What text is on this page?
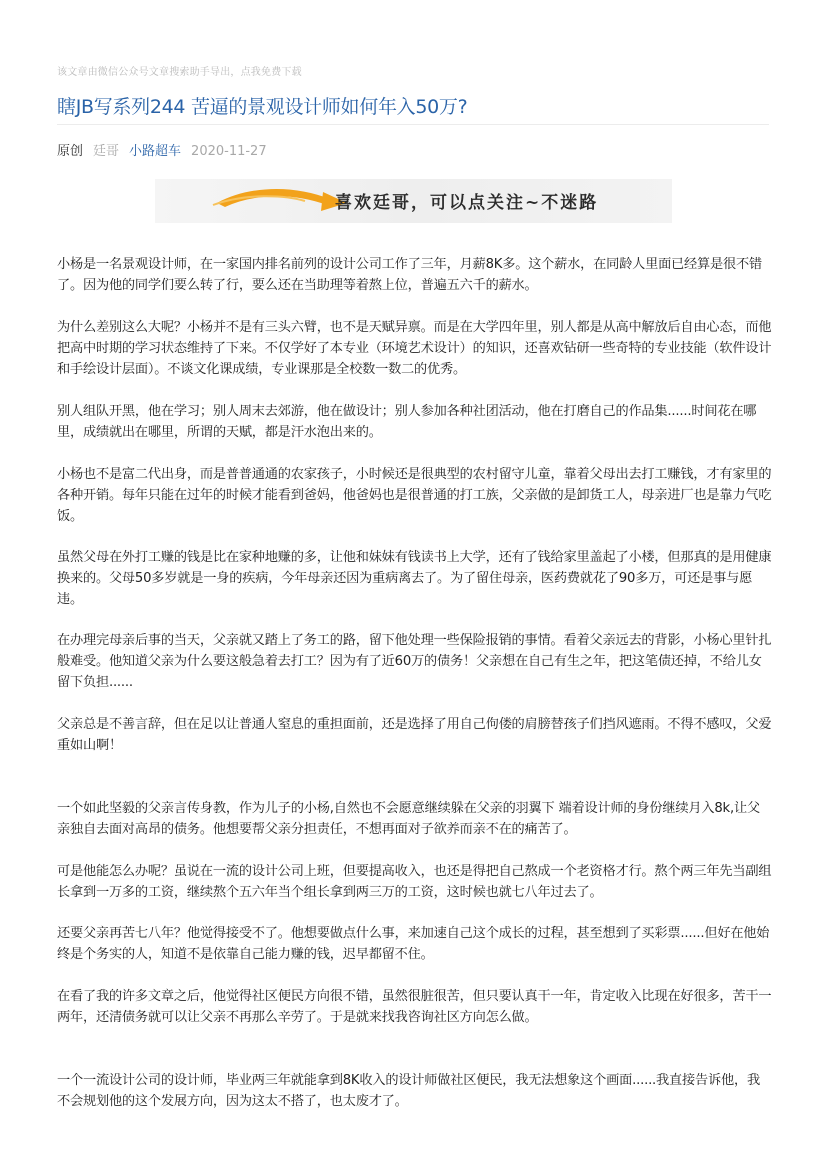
该文章由微信公众号文章搜索助手导出，点我免费下载
瞎JB写系列244 苦逼的景观设计师如何年入50万?
原创 廷哥 小路超车 2020-11-27
喜欢廷哥，可以点关注~不迷路

小杨是一名景观设计师，在一家国内排名前列的设计公司工作了三年，月薪8K多。这个薪水，在同龄人里面已经算是很不错了。因为他的同学们要么转了行，要么还在当助理等着熬上位，普遍五六千的薪水。

为什么差别这么大呢？小杨并不是有三头六臂，也不是天赋异禀。而是在大学四年里，别人都是从高中解放后自由心态，而他把高中时期的学习状态维持了下来。不仅学好了本专业（环境艺术设计）的知识，还喜欢钻研一些奇特的专业技能（软件设计和手绘设计层面）。不谈文化课成绩，专业课那是全校数一数二的优秀。

别人组队开黑，他在学习；别人周末去郊游，他在做设计；别人参加各种社团活动，他在打磨自己的作品集......时间花在哪里，成绩就出在哪里，所谓的天赋，都是汗水泡出来的。

小杨也不是富二代出身，而是普普通通的农家孩子，小时候还是很典型的农村留守儿童，靠着父母出去打工赚钱，才有家里的各种开销。每年只能在过年的时候才能看到爸妈，他爸妈也是很普通的打工族，父亲做的是卸货工人，母亲进厂也是靠力气吃饭。

虽然父母在外打工赚的钱是比在家种地赚的多，让他和妹妹有钱读书上大学，还有了钱给家里盖起了小楼，但那真的是用健康换来的。父母50多岁就是一身的疾病，今年母亲还因为重病离去了。为了留住母亲，医药费就花了90多万，可还是事与愿违。

在办理完母亲后事的当天，父亲就又踏上了务工的路，留下他处理一些保险报销的事情。看着父亲远去的背影，小杨心里针扎般难受。他知道父亲为什么要这般急着去打工？因为有了近60万的债务！父亲想在自己有生之年，把这笔债还掉，不给儿女留下负担......

父亲总是不善言辞，但在足以让普通人窒息的重担面前，还是选择了用自己佝偻的肩膀替孩子们挡风遮雨。不得不感叹，父爱重如山啊！

一个如此坚毅的父亲言传身教，作为儿子的小杨,自然也不会愿意继续躲在父亲的羽翼下 端着设计师的身份继续月入8k,让父亲独自去面对高昂的债务。他想要帮父亲分担责任，不想再面对子欲养而亲不在的痛苦了。

可是他能怎么办呢？虽说在一流的设计公司上班，但要提高收入，也还是得把自己熬成一个老资格才行。熬个两三年先当副组长拿到一万多的工资，继续熬个五六年当个组长拿到两三万的工资，这时候也就七八年过去了。

还要父亲再苦七八年？他觉得接受不了。他想要做点什么事，来加速自己这个成长的过程，甚至想到了买彩票......但好在他始终是个务实的人，知道不是依靠自己能力赚的钱，迟早都留不住。

在看了我的许多文章之后，他觉得社区便民方向很不错，虽然很脏很苦，但只要认真干一年，肯定收入比现在好很多，苦干一两年，还清债务就可以让父亲不再那么辛劳了。于是就来找我咨询社区方向怎么做。

一个一流设计公司的设计师，毕业两三年就能拿到8K收入的设计师做社区便民，我无法想象这个画面......我直接告诉他，我不会规划他的这个发展方向，因为这太不搭了，也太废才了。
